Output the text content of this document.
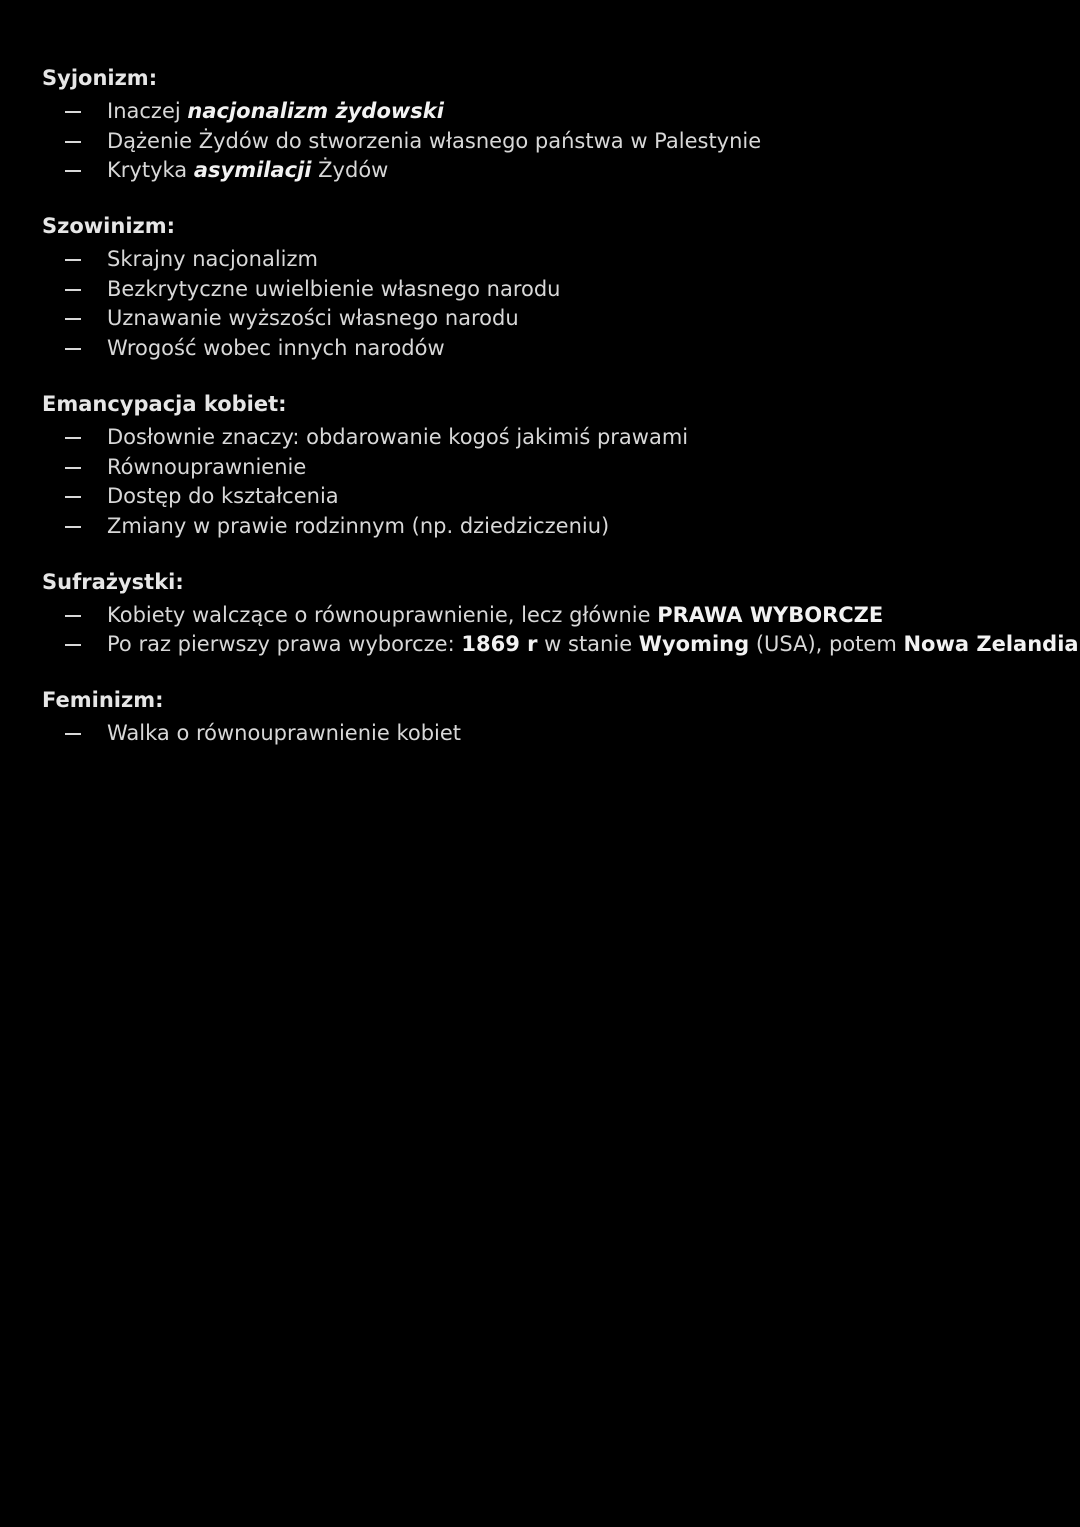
Syjonizm:
Inaczej nacjonalizm żydowski
Dążenie Żydów do stworzenia własnego państwa w Palestynie
Krytyka asymilacji Żydów
Szowinizm:
Skrajny nacjonalizm
Bezkrytyczne uwielbienie własnego narodu
Uznawanie wyższości własnego narodu
Wrogość wobec innych narodów
Emancypacja kobiet:
Dosłownie znaczy: obdarowanie kogoś jakimiś prawami
Równouprawnienie
Dostęp do kształcenia
Zmiany w prawie rodzinnym (np. dziedziczeniu)
Sufrażystki:
Kobiety walczące o równouprawnienie, lecz głównie PRAWA WYBORCZE
Po raz pierwszy prawa wyborcze: 1869 r w stanie Wyoming (USA), potem Nowa Zelandia
Feminizm:
Walka o równouprawnienie kobiet
